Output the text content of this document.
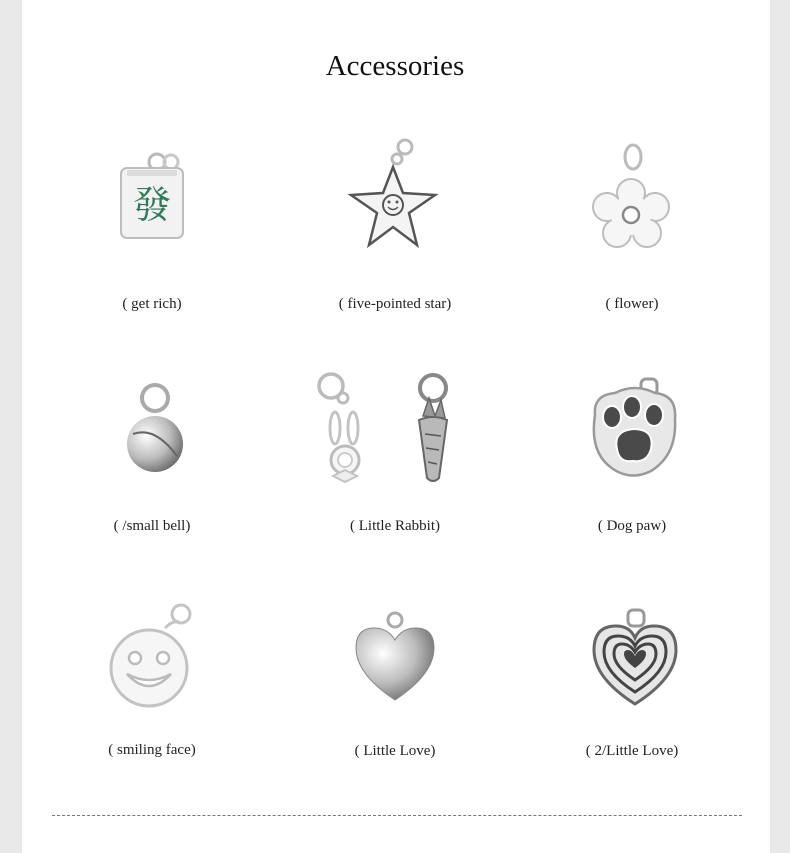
Accessories
發
( get rich)	( five-pointed star)	( flower)
( /small bell)	( Little Rabbit)	( Dog paw)
( smiling face)	( Little Love)	( 2/Little Love)
